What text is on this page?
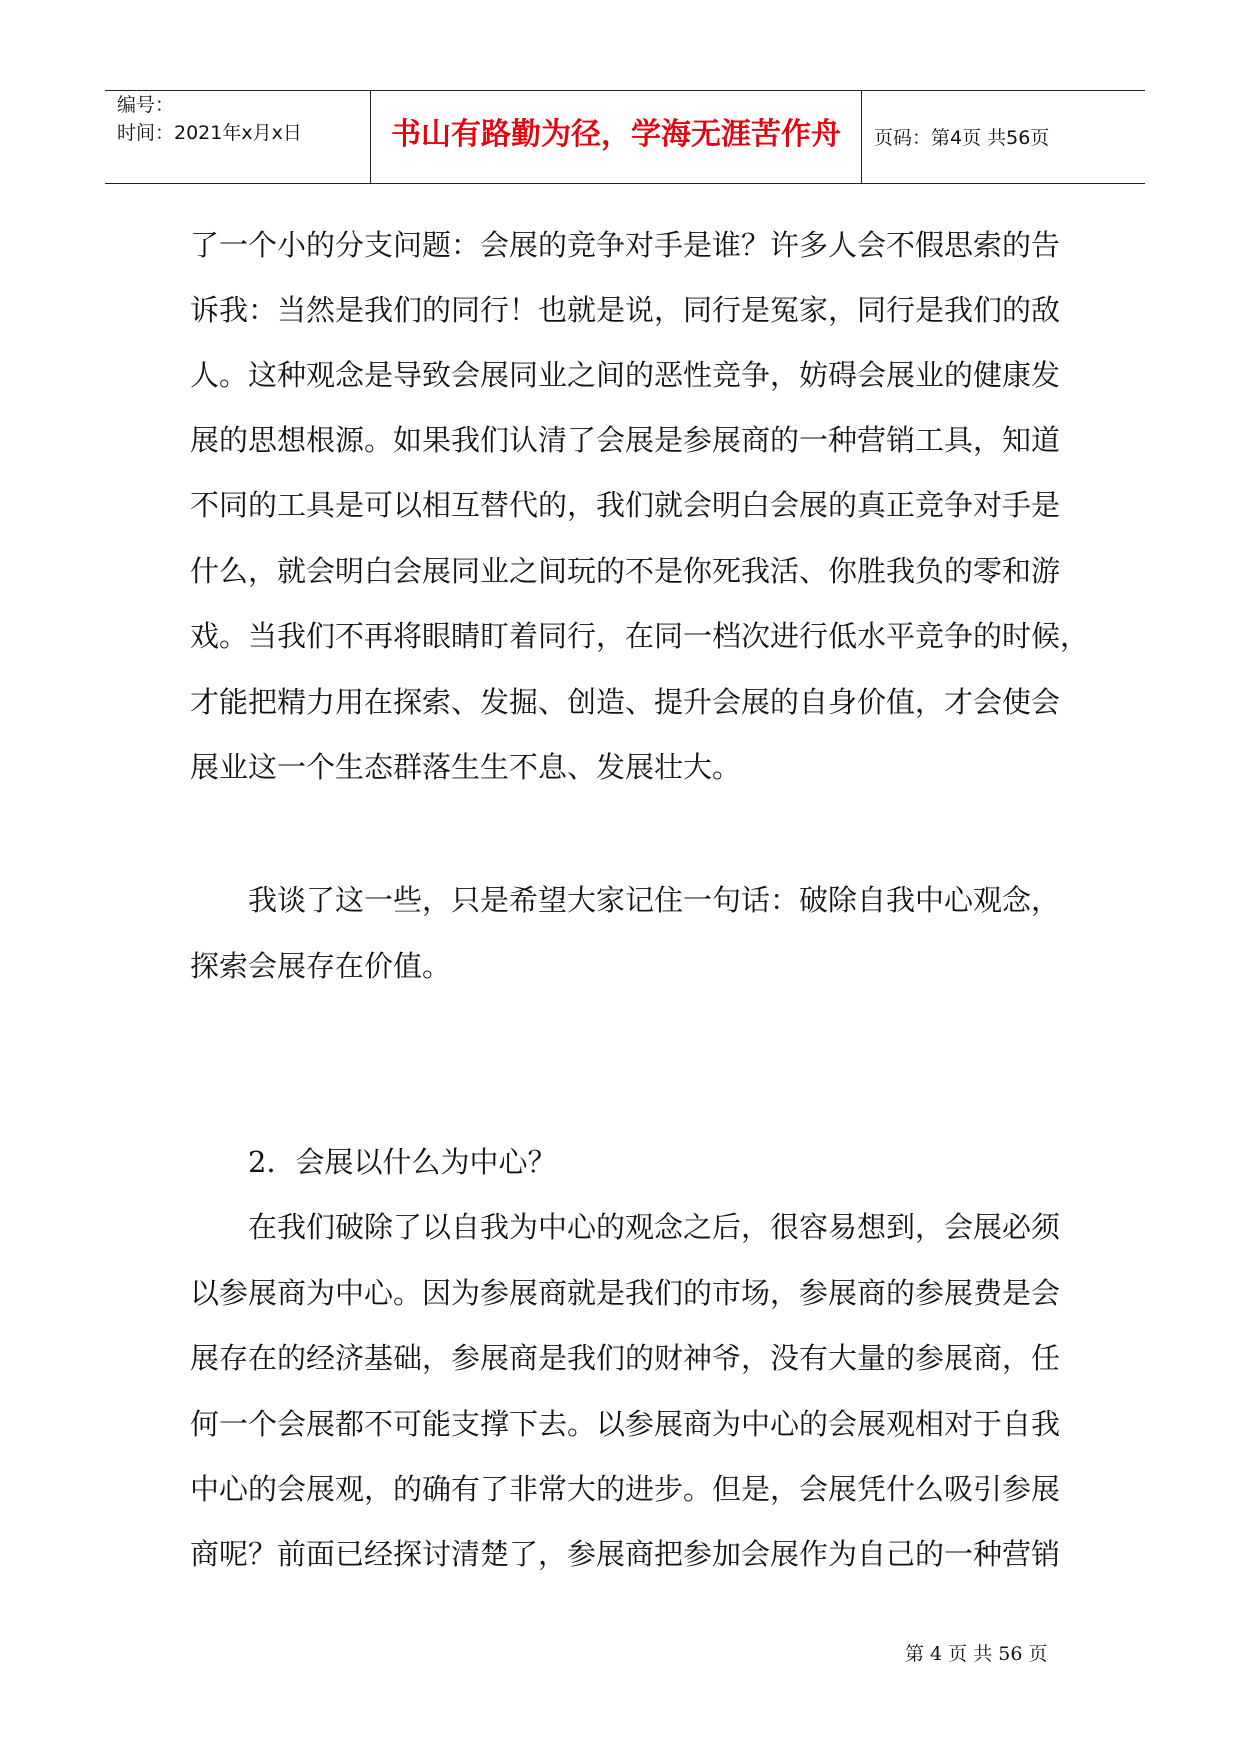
编号：
时间：2021年x月x日	书山有路勤为径，学海无涯苦作舟	页码：第4页 共56页
了一个小的分支问题：会展的竞争对手是谁？许多人会不假思索的告
诉我：当然是我们的同行！也就是说，同行是冤家，同行是我们的敌
人。这种观念是导致会展同业之间的恶性竞争，妨碍会展业的健康发
展的思想根源。如果我们认清了会展是参展商的一种营销工具，知道
不同的工具是可以相互替代的，我们就会明白会展的真正竞争对手是
什么，就会明白会展同业之间玩的不是你死我活、你胜我负的零和游
戏。当我们不再将眼睛盯着同行，在同一档次进行低水平竞争的时候，
才能把精力用在探索、发掘、创造、提升会展的自身价值，才会使会
展业这一个生态群落生生不息、发展壮大。
我谈了这一些，只是希望大家记住一句话：破除自我中心观念，
探索会展存在价值。
2．会展以什么为中心？
在我们破除了以自我为中心的观念之后，很容易想到，会展必须
以参展商为中心。因为参展商就是我们的市场，参展商的参展费是会
展存在的经济基础，参展商是我们的财神爷，没有大量的参展商，任
何一个会展都不可能支撑下去。以参展商为中心的会展观相对于自我
中心的会展观，的确有了非常大的进步。但是，会展凭什么吸引参展
商呢？前面已经探讨清楚了，参展商把参加会展作为自己的一种营销
第 4 页 共 56 页
